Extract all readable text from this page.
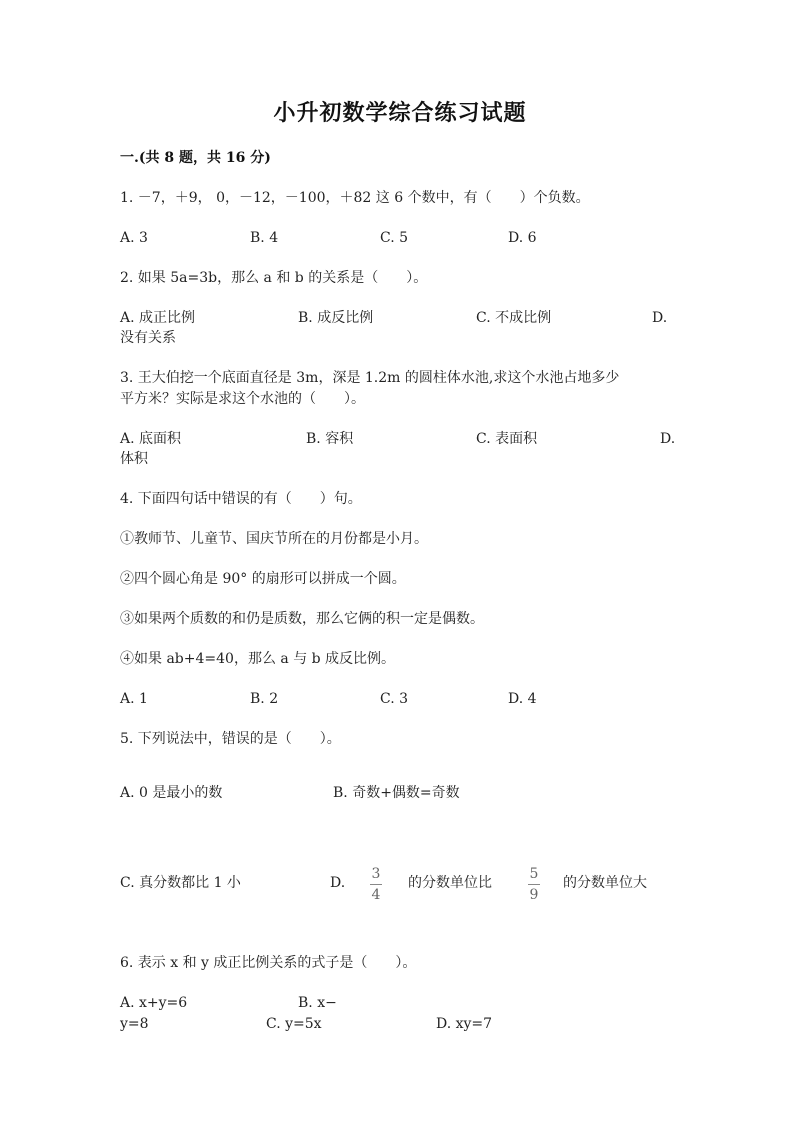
小升初数学综合练习试题
一.(共 8 题，共 16 分)
1. －7，＋9， 0，－12，－100，＋82 这 6 个数中，有（　　）个负数。
A. 3	B. 4	C. 5	D. 6
2. 如果 5a=3b，那么 a 和 b 的关系是（　　）。
A. 成正比例	B. 成反比例	C. 不成比例	D.
没有关系
3. 王大伯挖一个底面直径是 3m，深是 1.2m 的圆柱体水池,求这个水池占地多少
平方米？实际是求这个水池的（　　）。
A. 底面积	B. 容积	C. 表面积	D.
体积
4. 下面四句话中错误的有（　　）句。
①教师节、儿童节、国庆节所在的月份都是小月。
②四个圆心角是 90° 的扇形可以拼成一个圆。
③如果两个质数的和仍是质数，那么它俩的积一定是偶数。
④如果 ab+4=40，那么 a 与 b 成反比例。
A. 1	B. 2	C. 3	D. 4
5. 下列说法中，错误的是（　　）。
A. 0 是最小的数	B. 奇数+偶数=奇数
C. 真分数都比 1 小	D.
3
4
的分数单位比
5
9
的分数单位大
6. 表示 x 和 y 成正比例关系的式子是（　　）。
A. x+y=6	B. x−
y=8	C. y=5x	D. xy=7
